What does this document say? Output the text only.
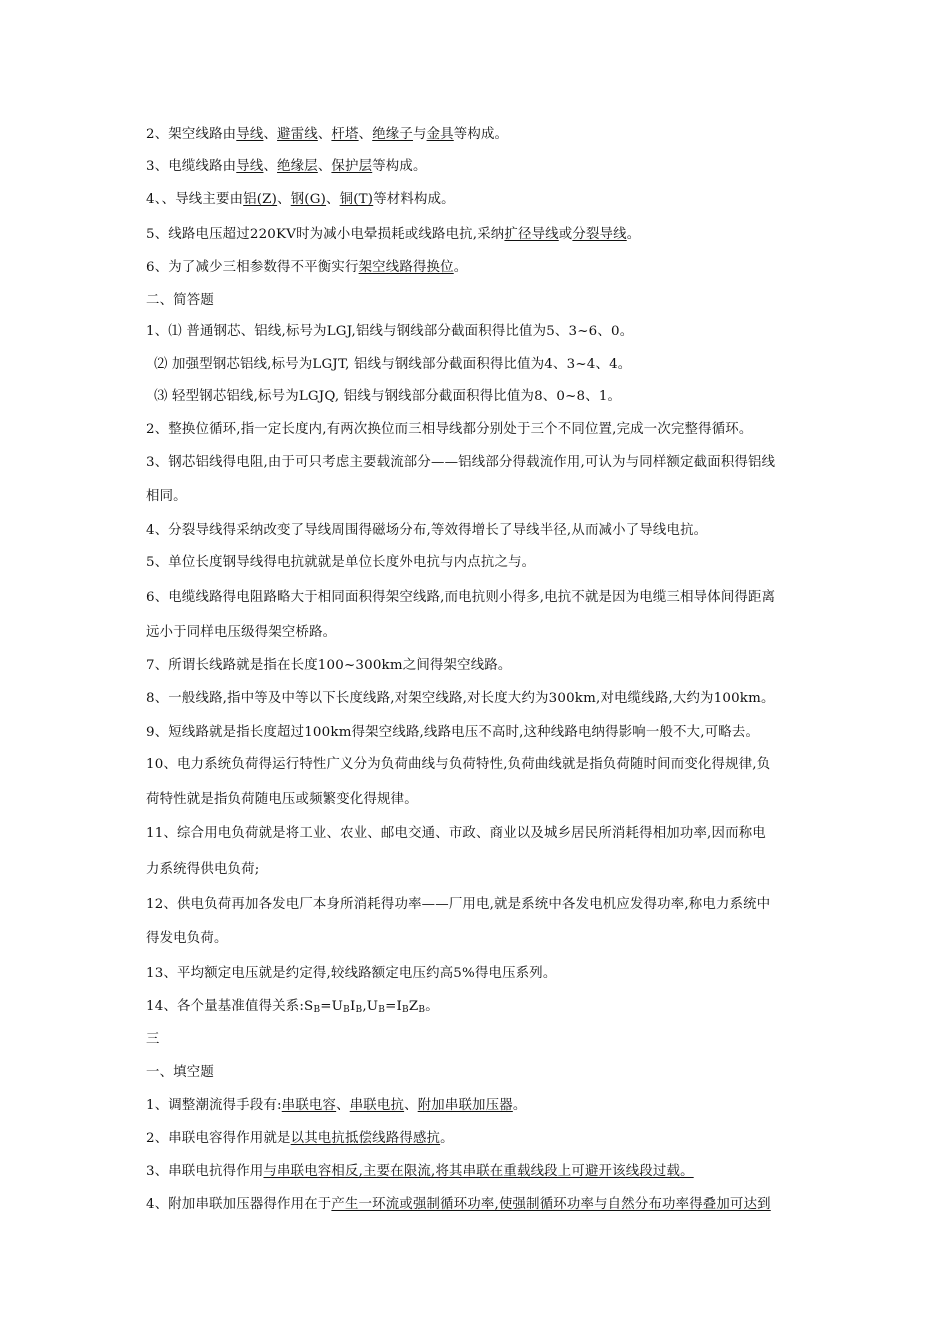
2、架空线路由导线、避雷线、杆塔、绝缘子与金具等构成。
3、电缆线路由导线、绝缘层、保护层等构成。
4、、导线主要由铝(Z)、钢(G)、铜(T)等材料构成。
5、线路电压超过220KV时为减小电晕损耗或线路电抗,采纳扩径导线或分裂导线。
6、为了减少三相参数得不平衡实行架空线路得换位。
二、简答题
1、⑴ 普通钢芯、铝线,标号为LGJ,铝线与钢线部分截面积得比值为5、3~6、0。
⑵ 加强型钢芯铝线,标号为LGJT, 铝线与钢线部分截面积得比值为4、3~4、4。
⑶ 轻型钢芯铝线,标号为LGJQ, 铝线与钢线部分截面积得比值为8、0~8、1。
2、整换位循环,指一定长度内,有两次换位而三相导线都分别处于三个不同位置,完成一次完整得循环。
3、钢芯铝线得电阻,由于可只考虑主要载流部分——铝线部分得载流作用,可认为与同样额定截面积得铝线
相同。
4、分裂导线得采纳改变了导线周围得磁场分布,等效得增长了导线半径,从而减小了导线电抗。
5、单位长度钢导线得电抗就就是单位长度外电抗与内点抗之与。
6、电缆线路得电阻路略大于相同面积得架空线路,而电抗则小得多,电抗不就是因为电缆三相导体间得距离
远小于同样电压级得架空桥路。
7、所谓长线路就是指在长度100~300km之间得架空线路。
8、一般线路,指中等及中等以下长度线路,对架空线路,对长度大约为300km,对电缆线路,大约为100km。
9、短线路就是指长度超过100km得架空线路,线路电压不高时,这种线路电纳得影响一般不大,可略去。
10、电力系统负荷得运行特性广义分为负荷曲线与负荷特性,负荷曲线就是指负荷随时间而变化得规律,负
荷特性就是指负荷随电压或频繁变化得规律。
11、综合用电负荷就是将工业、农业、邮电交通、市政、商业以及城乡居民所消耗得相加功率,因而称电
力系统得供电负荷;
12、供电负荷再加各发电厂本身所消耗得功率——厂用电,就是系统中各发电机应发得功率,称电力系统中
得发电负荷。
13、平均额定电压就是约定得,较线路额定电压约高5%得电压系列。
14、各个量基准值得关系$:S_B=U_BI_B,U_B=I_BZ_B$。
三
一、填空题
1、调整潮流得手段有:串联电容、串联电抗、附加串联加压器。
2、串联电容得作用就是以其电抗抵偿线路得感抗。
3、串联电抗得作用与串联电容相反,主要在限流,将其串联在重载线段上可避开该线段过载。
4、附加串联加压器得作用在于产生一环流或强制循环功率,使强制循环功率与自然分布功率得叠加可达到
